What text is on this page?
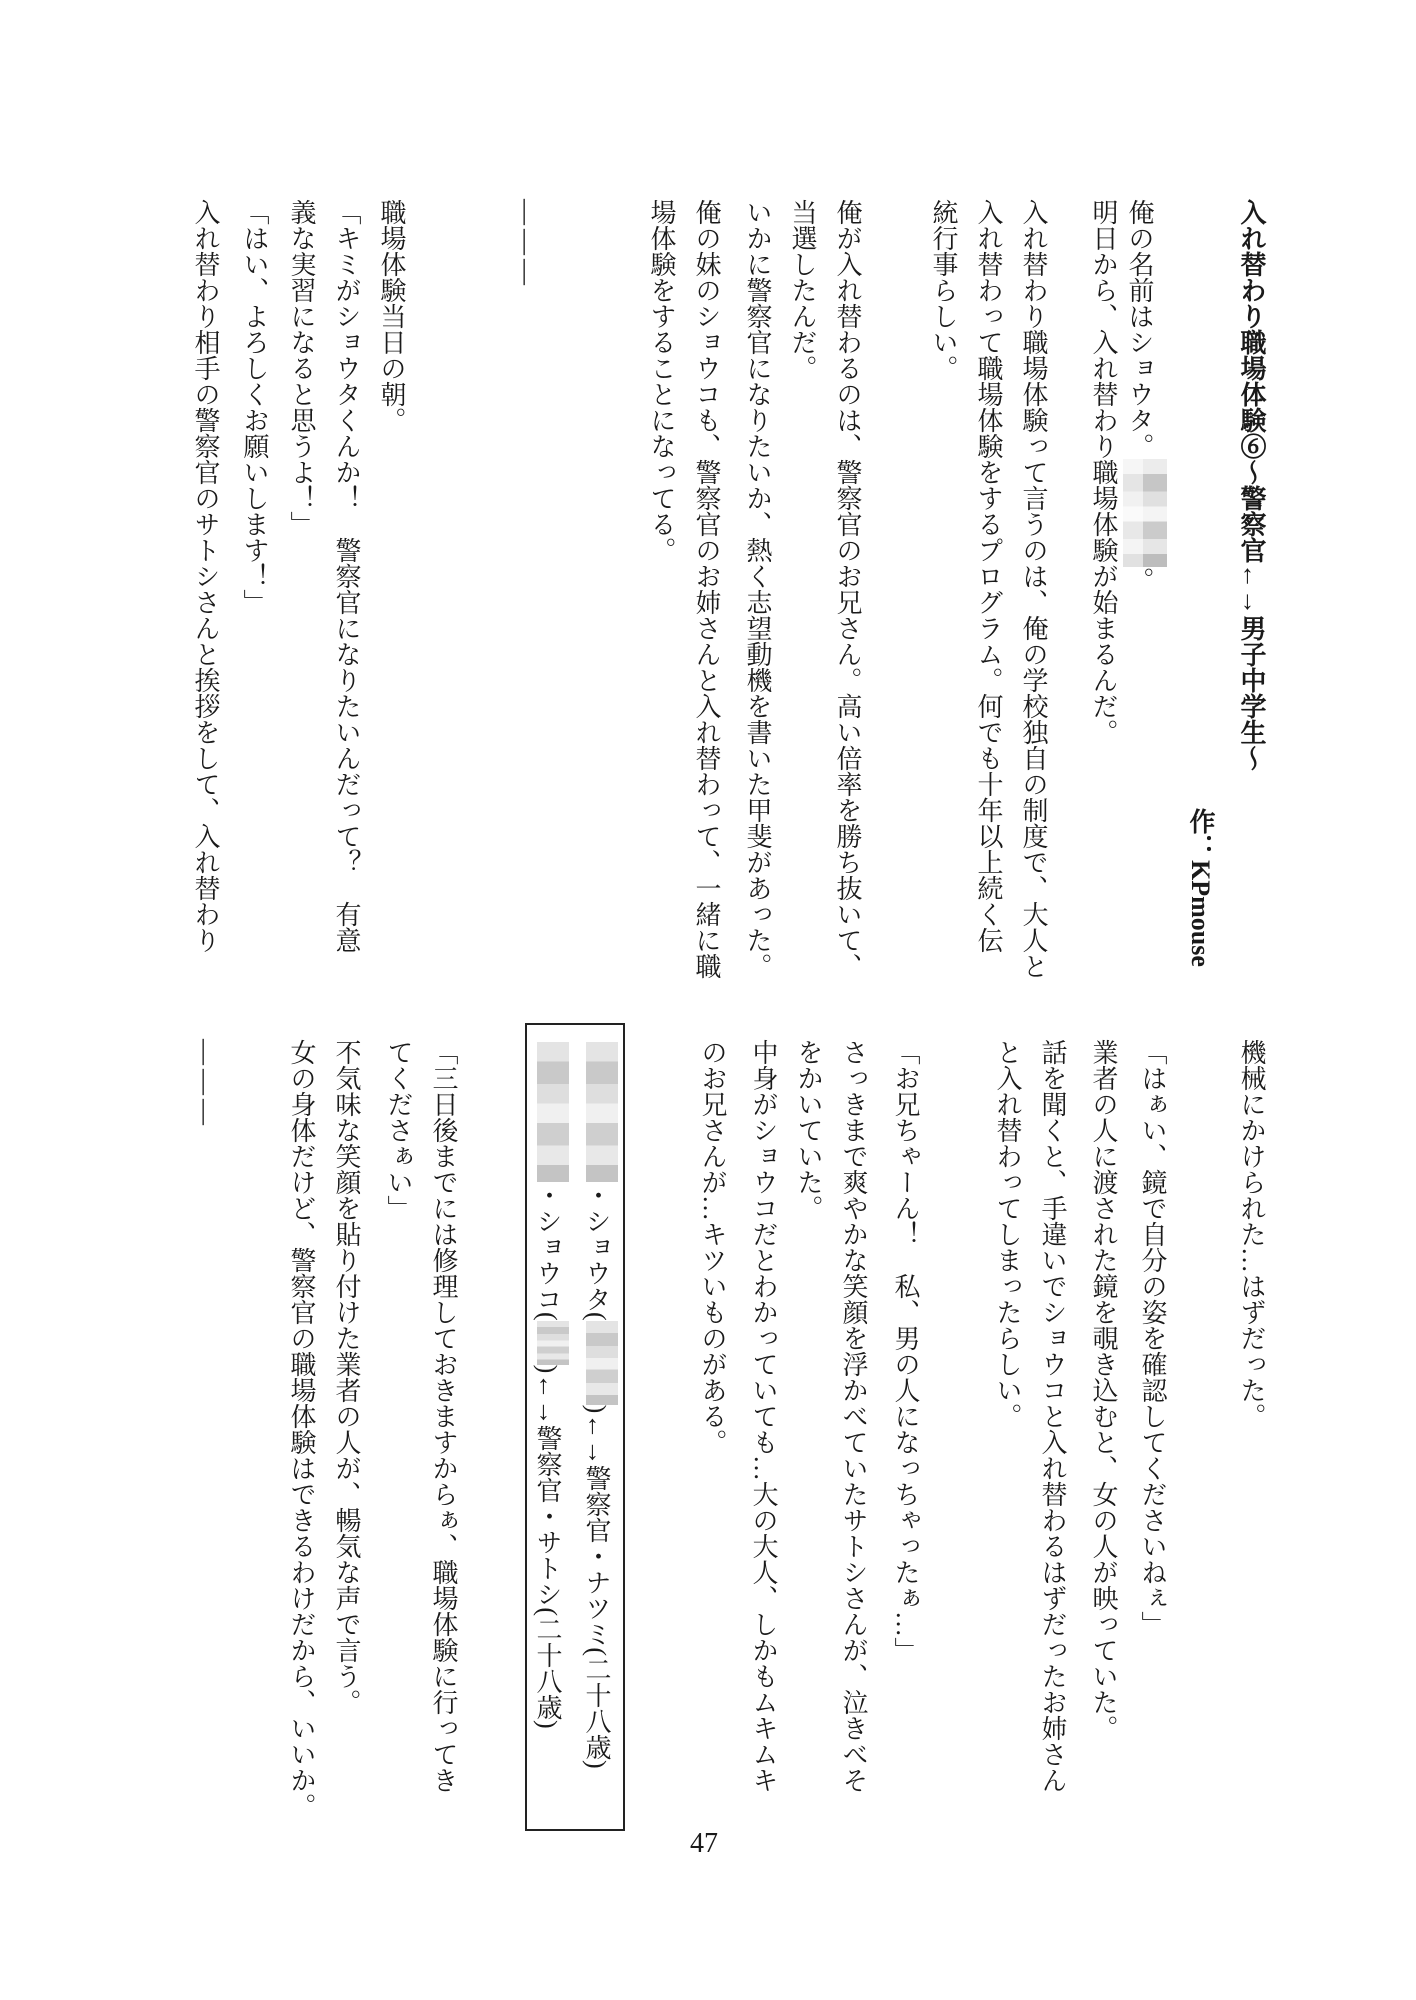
入れ替わり職場体験⑥〜警察官←→男子中学生〜
作：KPmouse
俺の名前はショウタ。。
明日から、入れ替わり職場体験が始まるんだ。
入れ替わり職場体験って言うのは、俺の学校独自の制度で、大人と
入れ替わって職場体験をするプログラム。何でも十年以上続く伝
統行事らしい。
俺が入れ替わるのは、警察官のお兄さん。高い倍率を勝ち抜いて、
当選したんだ。
いかに警察官になりたいか、熱く志望動機を書いた甲斐があった。
俺の妹のショウコも、警察官のお姉さんと入れ替わって、一緒に職
場体験をすることになってる。
―――
職場体験当日の朝。
「キミがショウタくんか！　警察官になりたいんだって？　有意
義な実習になると思うよ！」
「はい、よろしくお願いします！」
入れ替わり相手の警察官のサトシさんと挨拶をして、入れ替わり
機械にかけられた…はずだった。
「はぁい、鏡で自分の姿を確認してくださいねぇ」
業者の人に渡された鏡を覗き込むと、女の人が映っていた。
話を聞くと、手違いでショウコと入れ替わるはずだったお姉さん
と入れ替わってしまったらしい。
「お兄ちゃーん！　私、男の人になっちゃったぁ…」
さっきまで爽やかな笑顔を浮かべていたサトシさんが、泣きべそ
をかいていた。
中身がショウコだとわかっていても…大の大人、しかもムキムキ
のお兄さんが…キツいものがある。
・ショウタ()←→警察官・ナツミ(二十八歳)
・ショウコ()←→警察官・サトシ(二十八歳)
「三日後までには修理しておきますからぁ、職場体験に行ってき
てくださぁい」
不気味な笑顔を貼り付けた業者の人が、暢気な声で言う。
女の身体だけど、警察官の職場体験はできるわけだから、いいか。
―――
47
